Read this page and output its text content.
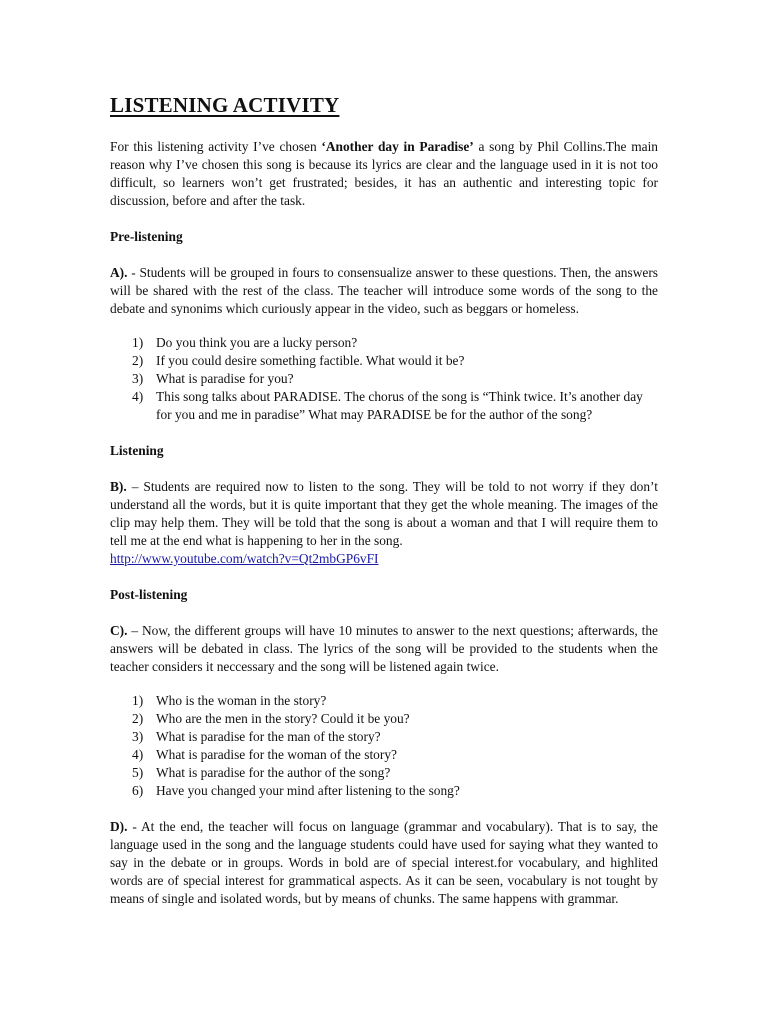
LISTENING ACTIVITY

For this listening activity I’ve chosen ‘Another day in Paradise’ a song by Phil Collins.The main reason why I’ve chosen this song is because its lyrics are clear and the language used in it is not too difficult, so learners won’t get frustrated; besides, it has an authentic and interesting topic for discussion, before and after the task.

Pre-listening

A). - Students will be grouped in fours to consensualize answer to these questions. Then, the answers will be shared with the rest of the class. The teacher will introduce some words of the song to the debate and synonims which curiously appear in the video, such as beggars or homeless.

1) Do you think you are a lucky person?
2) If you could desire something factible. What would it be?
3) What is paradise for you?
4) This song talks about PARADISE. The chorus of the song is “Think twice. It’s another day for you and me in paradise” What may PARADISE be for the author of the song?
Listening

B). – Students are required now to listen to the song. They will be told to not worry if they don’t understand all the words, but it is quite important that they get the whole meaning. The images of the clip may help them. They will be told that the song is about a woman and that I will require them to tell me at the end what is happening to her in the song.

http://www.youtube.com/watch?v=Qt2mbGP6vFI

Post-listening

C). – Now, the different groups will have 10 minutes to answer to the next questions; afterwards, the answers will be debated in class. The lyrics of the song will be provided to the students when the teacher considers it neccessary and the song will be listened again twice.

1) Who is the woman in the story?
2) Who are the men in the story? Could it be you?
3) What is paradise for the man of the story?
4) What is paradise for the woman of the story?
5) What is paradise for the author of the song?
6) Have you changed your mind after listening to the song?

D). - At the end, the teacher will focus on language (grammar and vocabulary). That is to say, the language used in the song and the language students could have used for saying what they wanted to say in the debate or in groups. Words in bold are of special interest.for vocabulary, and highlited words are of special interest for grammatical aspects. As it can be seen, vocabulary is not tought by means of single and isolated words, but by means of chunks. The same happens with grammar.
